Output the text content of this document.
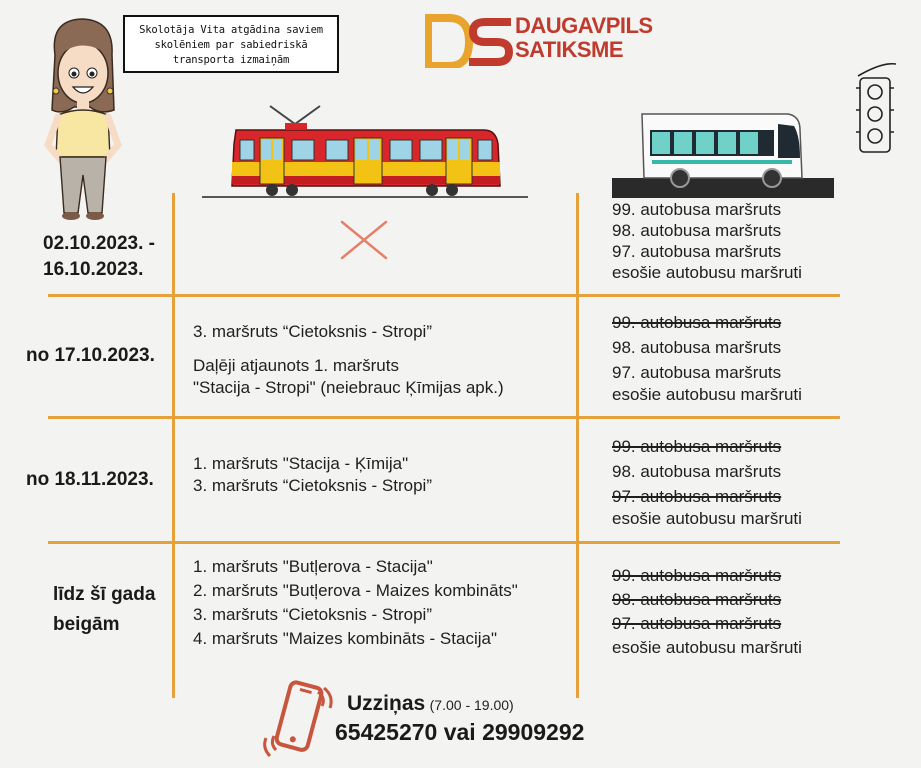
Skolotāja Vita atgādina saviem
skolēniem par sabiedriskā
transporta izmaiņām
DAUGAVPILS
SATIKSME
02.10.2023. -
16.10.2023.
99. autobusa maršruts
98. autobusa maršruts
97. autobusa maršruts
esošie autobusu maršruti
no 17.10.2023.
3. maršruts “Cietoksnis - Stropi”
Daļēji atjaunots 1. maršruts
"Stacija - Stropi" (neiebrauc Ķīmijas apk.)
99. autobusa maršruts
98. autobusa maršruts
97. autobusa maršruts
esošie autobusu maršruti
no 18.11.2023.
1. maršruts "Stacija - Ķīmija"
3. maršruts “Cietoksnis - Stropi”
99. autobusa maršruts
98. autobusa maršruts
97. autobusa maršruts
esošie autobusu maršruti
līdz šī gada
beigām
1. maršruts "Butļerova - Stacija"
2. maršruts "Butļerova - Maizes kombināts"
3. maršruts “Cietoksnis - Stropi”
4. maršruts "Maizes kombināts - Stacija"
99. autobusa maršruts
98. autobusa maršruts
97. autobusa maršruts
esošie autobusu maršruti
Uzziņas (7.00 - 19.00)
65425270 vai 29909292
